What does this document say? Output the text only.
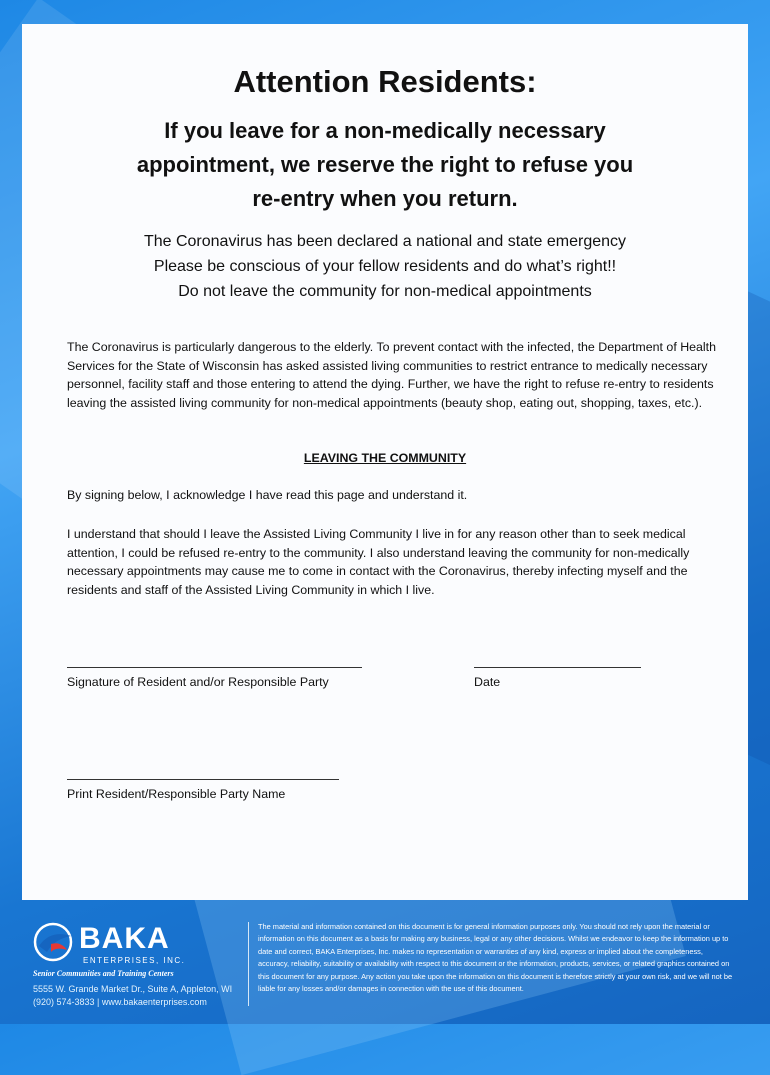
Attention Residents:
If you leave for a non-medically necessary
appointment, we reserve the right to refuse you
re-entry when you return.
The Coronavirus has been declared a national and state emergency
Please be conscious of your fellow residents and do what’s right!!
Do not leave the community for non-medical appointments
The Coronavirus is particularly dangerous to the elderly. To prevent contact with the infected, the Department of Health Services for the State of Wisconsin has asked assisted living communities to restrict entrance to medically necessary personnel, facility staff and those entering to attend the dying. Further, we have the right to refuse re-entry to residents leaving the assisted living community for non-medical appointments (beauty shop, eating out, shopping, taxes, etc.).
LEAVING THE COMMUNITY
By signing below, I acknowledge I have read this page and understand it.
I understand that should I leave the Assisted Living Community I live in for any reason other than to seek medical attention, I could be refused re-entry to the community. I also understand leaving the community for non-medically necessary appointments may cause me to come in contact with the Coronavirus, thereby infecting myself and the residents and staff of the Assisted Living Community in which I live.
Signature of Resident and/or Responsible Party	Date
Print Resident/Responsible Party Name
BAKA
ENTERPRISES, INC.
Senior Communities and Training Centers
5555 W. Grande Market Dr., Suite A, Appleton, WI
(920) 574-3833 | www.bakaenterprises.com
The material and information contained on this document is for general information purposes only. You should not rely upon the material or information on this document as a basis for making any business, legal or any other decisions. Whilst we endeavor to keep the information up to date and correct, BAKA Enterprises, Inc. makes no representation or warranties of any kind, express or implied about the completeness, accuracy, reliability, suitability or availability with respect to this document or the information, products, services, or related graphics contained on this document for any purpose. Any action you take upon the information on this document is therefore strictly at your own risk, and we will not be liable for any losses and/or damages in connection with the use of this document.
